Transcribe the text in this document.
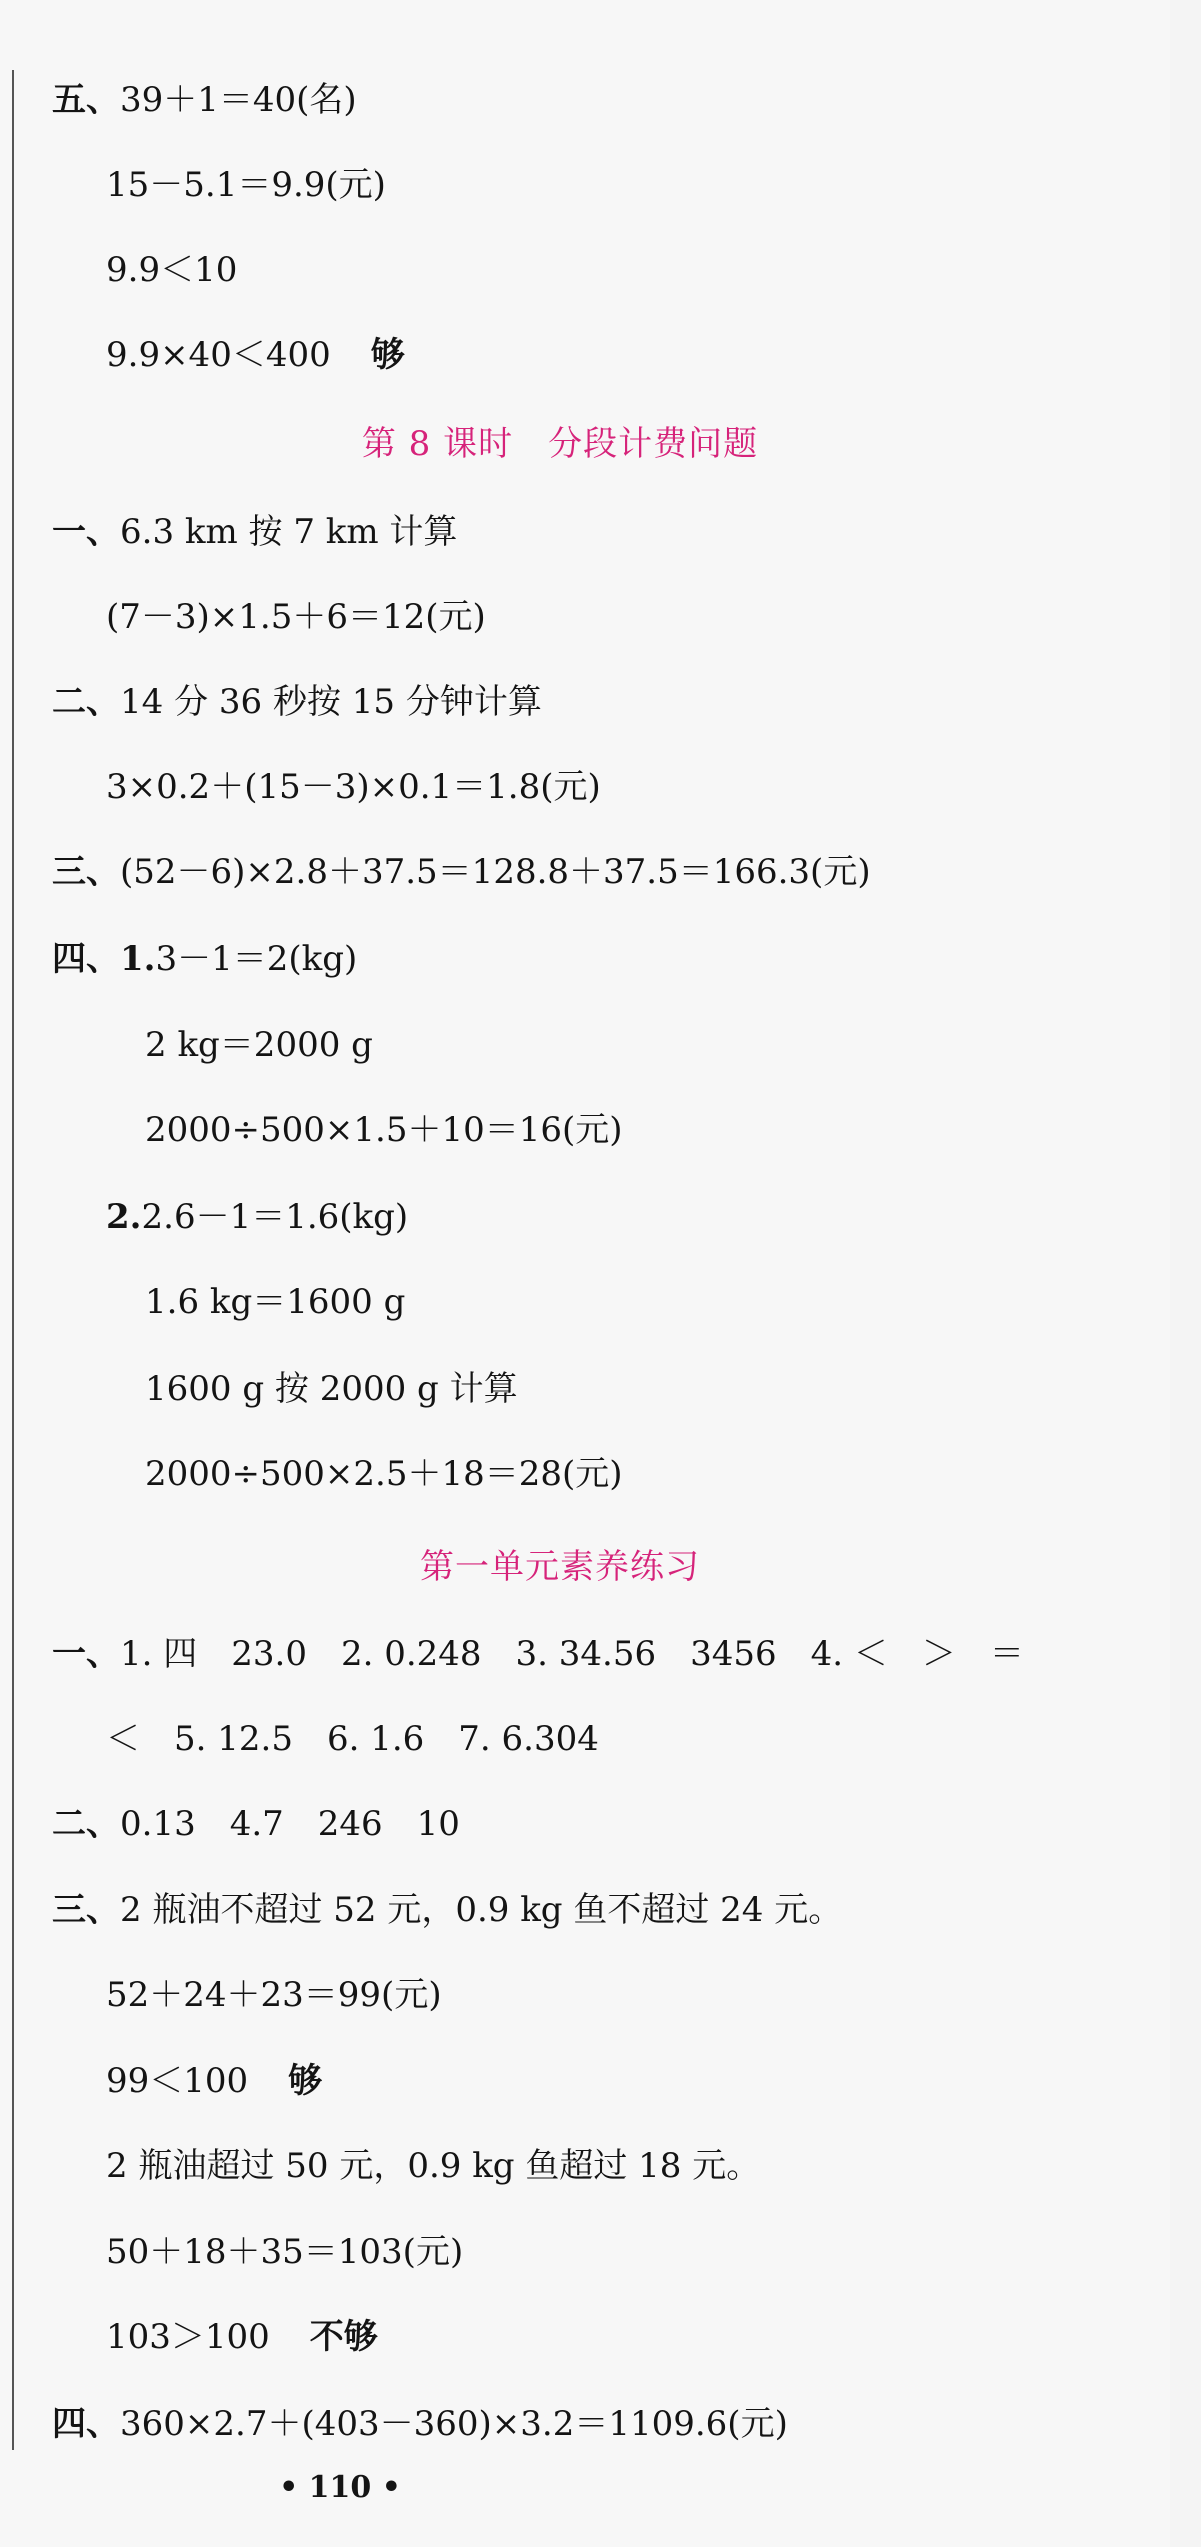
五、39＋1＝40(名)
15－5.1＝9.9(元)
9.9＜10
9.9×40＜400 够
第 8 课时　分段计费问题
一、6.3 km 按 7 km 计算
(7－3)×1.5＋6＝12(元)
二、14 分 36 秒按 15 分钟计算
3×0.2＋(15－3)×0.1＝1.8(元)
三、(52－6)×2.8＋37.5＝128.8＋37.5＝166.3(元)
四、1.3－1＝2(kg)
2 kg＝2000 g
2000÷500×1.5＋10＝16(元)
2.2.6－1＝1.6(kg)
1.6 kg＝1600 g
1600 g 按 2000 g 计算
2000÷500×2.5＋18＝28(元)
第一单元素养练习
一、1. 四　23.0　2. 0.248　3. 34.56　3456　4. ＜　＞　＝
＜　5. 12.5　6. 1.6　7. 6.304
二、0.13　4.7　246　10
三、2 瓶油不超过 52 元，0.9 kg 鱼不超过 24 元。
52＋24＋23＝99(元)
99＜100 够
2 瓶油超过 50 元，0.9 kg 鱼超过 18 元。
50＋18＋35＝103(元)
103＞100 不够
四、360×2.7＋(403－360)×3.2＝1109.6(元)
• 110 •
